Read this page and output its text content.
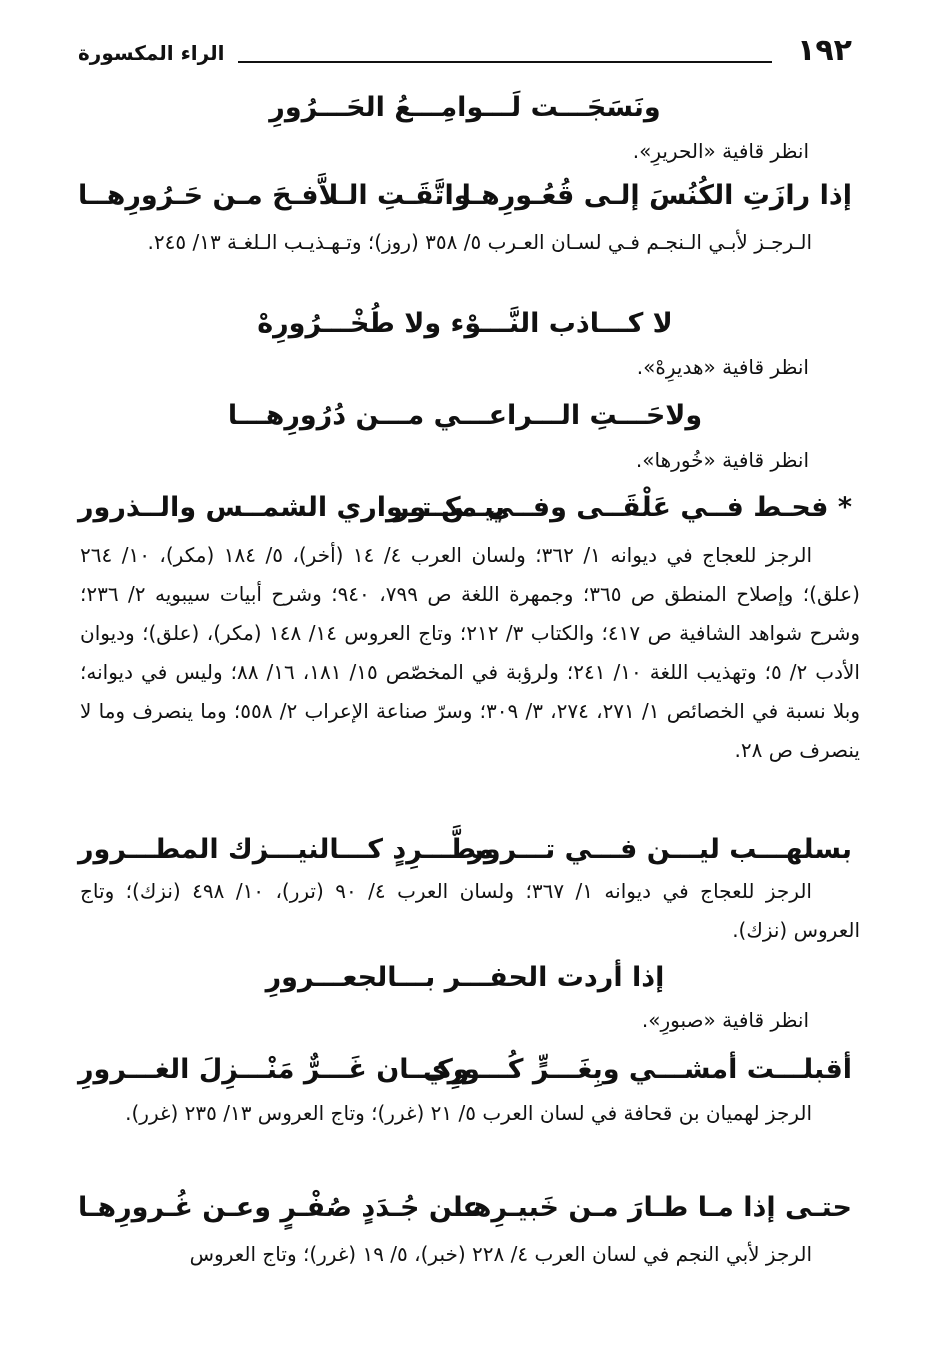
١٩٢
الراء المكسورة
ونَسَجَـــت لَـــوامِـــعُ الحَـــرُورِ
انظر قافية «الحريرِ».
إذا رازَتِ الكُنُسَ إلـى قُعُـورِهـا
واتَّقَـتِ الـلاَّفـحَ مـن حَـرُورِهــا
الـرجـز لأبـي الـنجـم فـي لسـان العـرب ٥/ ٣٥٨ (روز)؛ وتـهـذيـب الـلغـة ١٣/ ٢٤٥.
لا كـــاذب النَّـــوْء ولا طُخْـــرُورِهْ
انظر قافية «هديرِهْ».
ولاحَـــتِ الـــراعـــي مـــن دُرُورِهـــا
انظر قافية «خُورها».
* فحـط فــي عَلْقَــى وفــي مكــور
بيــن تــواري الشمــس والــذرور
الرجز للعجاج في ديوانه ١/ ٣٦٢؛ ولسان العرب ٤/ ١٤ (أخر)، ٥/ ١٨٤ (مكر)، ١٠/ ٢٦٤ (علق)؛ وإصلاح المنطق ص ٣٦٥؛ وجمهرة اللغة ص ٧٩٩، ٩٤٠؛ وشرح أبيات سيبويه ٢/ ٢٣٦؛ وشرح شواهد الشافية ص ٤١٧؛ والكتاب ٣/ ٢١٢؛ وتاج العروس ١٤/ ١٤٨ (مكر)، (علق)؛ وديوان الأدب ٢/ ٥؛ وتهذيب اللغة ١٠/ ٢٤١؛ ولرؤبة في المخصّص ١٥/ ١٨١، ١٦/ ٨٨؛ وليس في ديوانه؛ وبلا نسبة في الخصائص ١/ ٢٧١، ٢٧٤، ٣/ ٣٠٩؛ وسرّ صناعة الإعراب ٢/ ٥٥٨؛ وما ينصرف وما لا ينصرف ص ٢٨.
بسلهـــب ليـــن فـــي تـــرور
مطَّـــرِدٍ كـــالنيـــزك المطـــرور
الرجز للعجاج في ديوانه ١/ ٣٦٧؛ ولسان العرب ٤/ ٩٠ (ترر)، ١٠/ ٤٩٨ (نزك)؛ وتاج العروس (نزك).
إذا أردت الحفـــر بـــالجعـــرورِ
انظر قافية «صبورِ».
أقبلـــت أمشـــي وبِغَـــرٍّ كُـــورِي
وكـــان غَـــرٌّ مَنْـــزِلَ الغـــرورِ
الرجز لهميان بن قحافة في لسان العرب ٥/ ٢١ (غرر)؛ وتاج العروس ١٣/ ٢٣٥ (غرر).
حتـى إذا مـا طـارَ مـن خَبيـرِهـا
عـن جُـدَدٍ صُفْـرٍ وعـن غُـرورِهـا
الرجز لأبي النجم في لسان العرب ٤/ ٢٢٨ (خبر)، ٥/ ١٩ (غرر)؛ وتاج العروس
